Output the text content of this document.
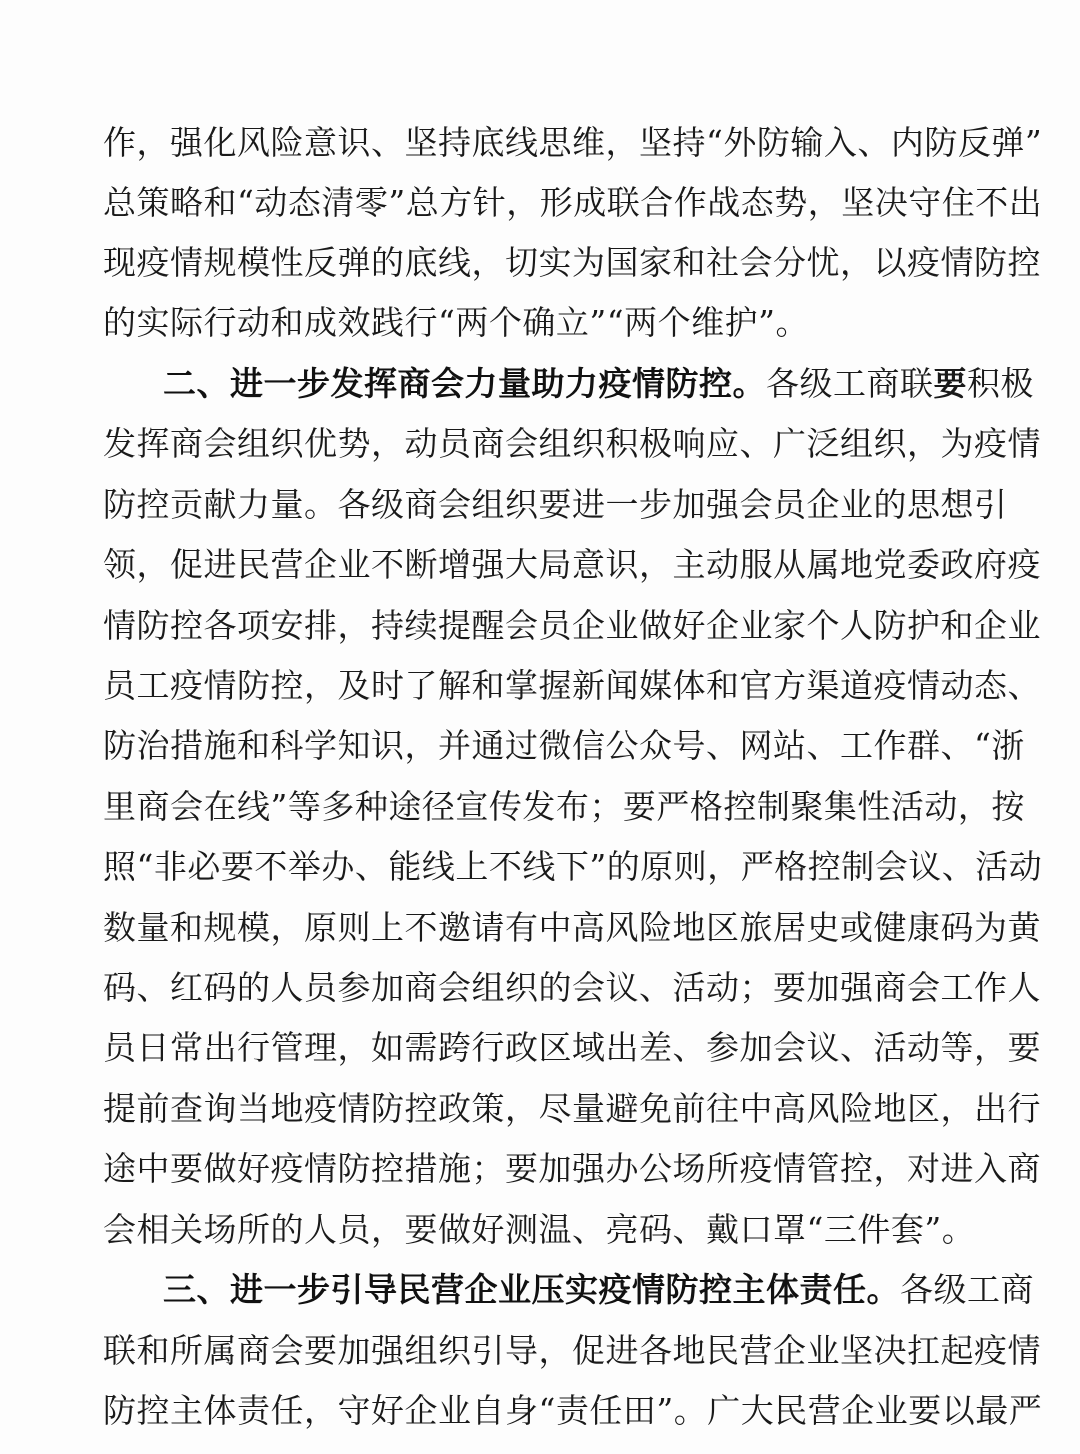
作，强化风险意识、坚持底线思维，坚持“外防输入、内防反弹”
总策略和“动态清零”总方针，形成联合作战态势，坚决守住不出
现疫情规模性反弹的底线，切实为国家和社会分忧，以疫情防控
的实际行动和成效践行“两个确立”“两个维护”。
二、进一步发挥商会力量助力疫情防控。各级工商联要积极
发挥商会组织优势，动员商会组织积极响应、广泛组织，为疫情
防控贡献力量。各级商会组织要进一步加强会员企业的思想引
领，促进民营企业不断增强大局意识，主动服从属地党委政府疫
情防控各项安排，持续提醒会员企业做好企业家个人防护和企业
员工疫情防控，及时了解和掌握新闻媒体和官方渠道疫情动态、
防治措施和科学知识，并通过微信公众号、网站、工作群、“浙
里商会在线”等多种途径宣传发布；要严格控制聚集性活动，按
照“非必要不举办、能线上不线下”的原则，严格控制会议、活动
数量和规模，原则上不邀请有中高风险地区旅居史或健康码为黄
码、红码的人员参加商会组织的会议、活动；要加强商会工作人
员日常出行管理，如需跨行政区域出差、参加会议、活动等，要
提前查询当地疫情防控政策，尽量避免前往中高风险地区，出行
途中要做好疫情防控措施；要加强办公场所疫情管控，对进入商
会相关场所的人员，要做好测温、亮码、戴口罩“三件套”。
三、进一步引导民营企业压实疫情防控主体责任。各级工商
联和所属商会要加强组织引导，促进各地民营企业坚决扛起疫情
防控主体责任，守好企业自身“责任田”。广大民营企业要以最严
